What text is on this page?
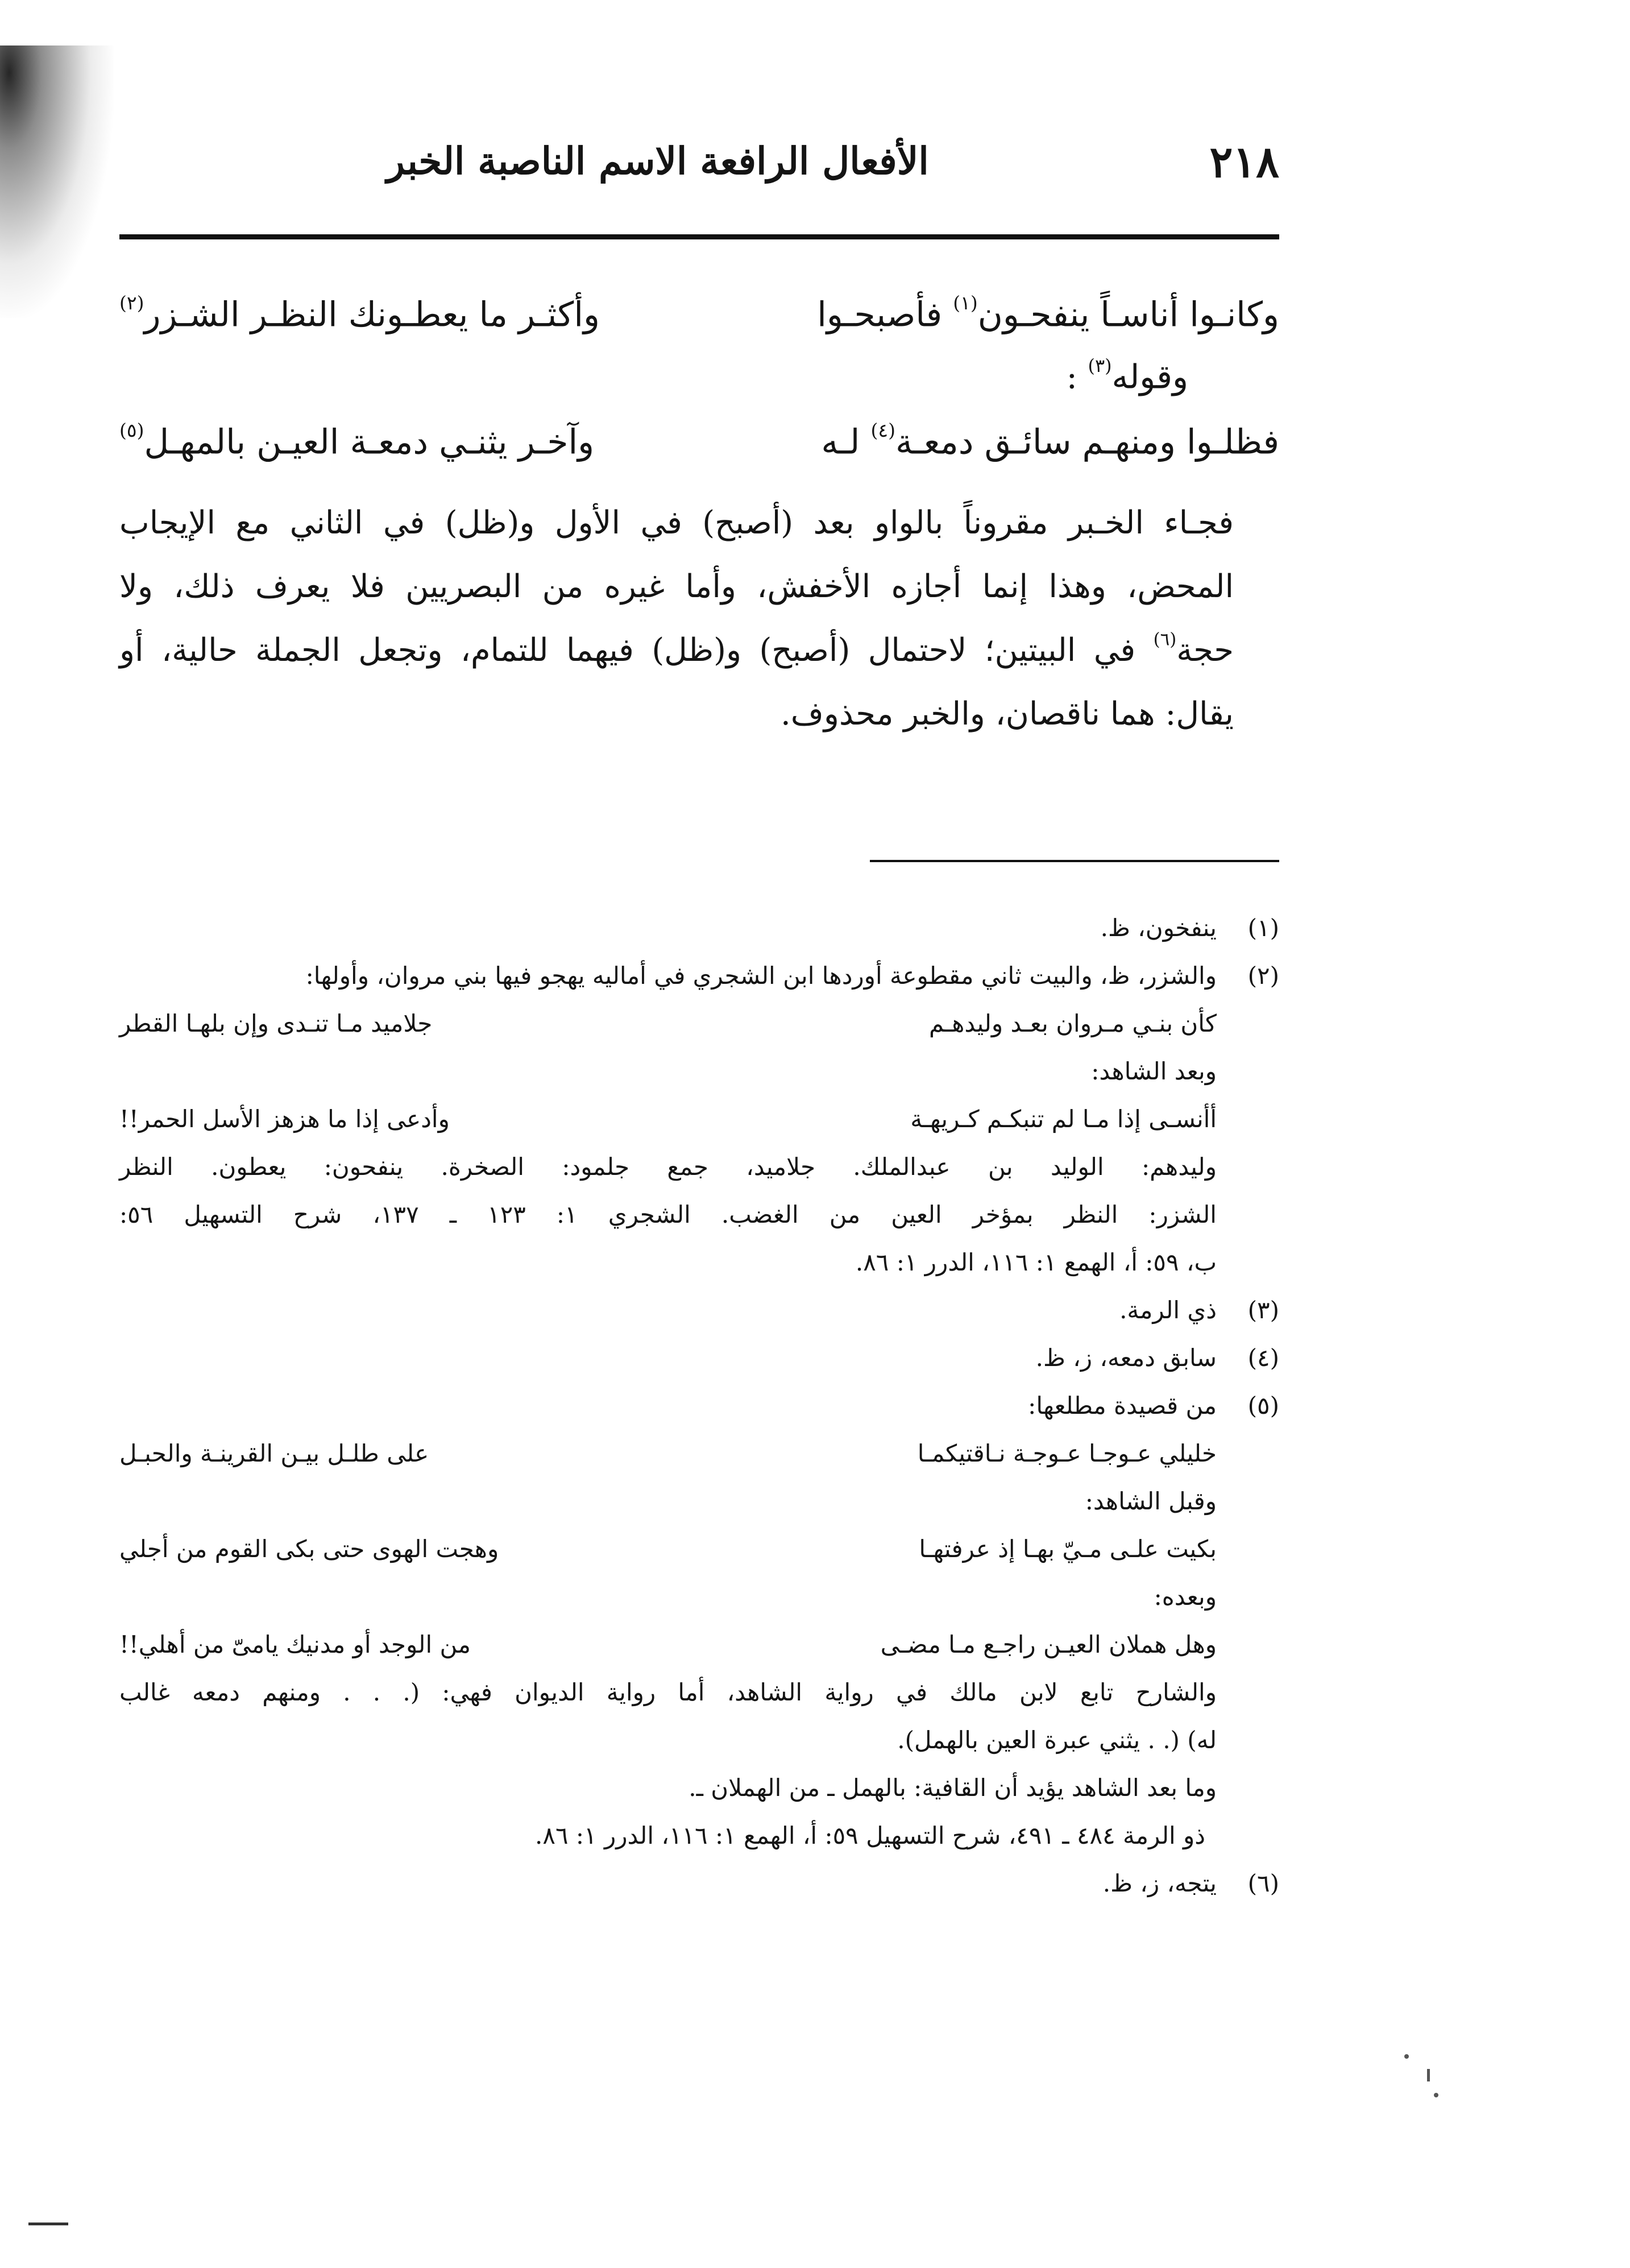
٢١٨
الأفعال الرافعة الاسم الناصبة الخبر
وكانـوا أناسـاً ينفحـون$^{(١)}$ فأصبحـوا
وأكثـر ما يعطـونك النظـر الشـزر$^{(٢)}$
وقوله$^{(٣)}$ :
فظلـوا ومنهـم سائـق دمعـة$^{(٤)}$ لـه
وآخـر يثنـي دمعـة العيـن بالمهـل$^{(٥)}$
فجـاء الخـبر مقروناً بالواو بعد (أصبح) في الأول و(ظل) في الثاني مع الإيجاب
المحض، وهذا إنما أجازه الأخفش، وأما غيره من البصريين فلا يعرف ذلك، ولا
حجة$^{(٦)}$ في البيتين؛ لاحتمال (أصبح) و(ظل) فيهما للتمام، وتجعل الجملة حالية، أو
يقال: هما ناقصان، والخبر محذوف.
(١)
ينفخون، ظ.
(٢)
والشزر، ظ، والبيت ثاني مقطوعة أوردها ابن الشجري في أماليه يهجو فيها بني مروان، وأولها:
كأن بنـي مـروان بعـد وليدهـم
جلاميد مـا تنـدى وإن بلهـا القطر
وبعد الشاهد:
أأنسـى إذا مـا لم تنبكـم كـريهـة
وأدعى إذا ما هزهز الأسل الحمر!!
وليدهم: الوليد بن عبدالملك. جلاميد، جمع جلمود: الصخرة. ينفحون: يعطون. النظر
الشزر: النظر بمؤخر العين من الغضب. الشجري ١: ١٢٣ ـ ١٣٧، شرح التسهيل ٥٦:
ب، ٥٩: أ، الهمع ١: ١١٦، الدرر ١: ٨٦.
(٣)
ذي الرمة.
(٤)
سابق دمعه، ز، ظ.
(٥)
من قصيدة مطلعها:
خليلي عـوجـا عـوجـة نـاقتيكمـا
على طلـل بيـن القرينـة والحبـل
وقبل الشاهد:
بكيت علـى مـيّ بهـا إذ عرفتهـا
وهجت الهوى حتى بكى القوم من أجلي
وبعده:
وهل هملان العيـن راجـع مـا مضـى
من الوجد أو مدنيك يامىّ من أهلي!!
والشارح تابع لابن مالك في رواية الشاهد، أما رواية الديوان فهي: (. . . ومنهم دمعه غالب
له) (. . يثني عبرة العين بالهمل).
وما بعد الشاهد يؤيد أن القافية: بالهمل ـ من الهملان ـ.
ذو الرمة ٤٨٤ ـ ٤٩١، شرح التسهيل ٥٩: أ، الهمع ١: ١١٦، الدرر ١: ٨٦.
(٦)
يتجه، ز، ظ.
